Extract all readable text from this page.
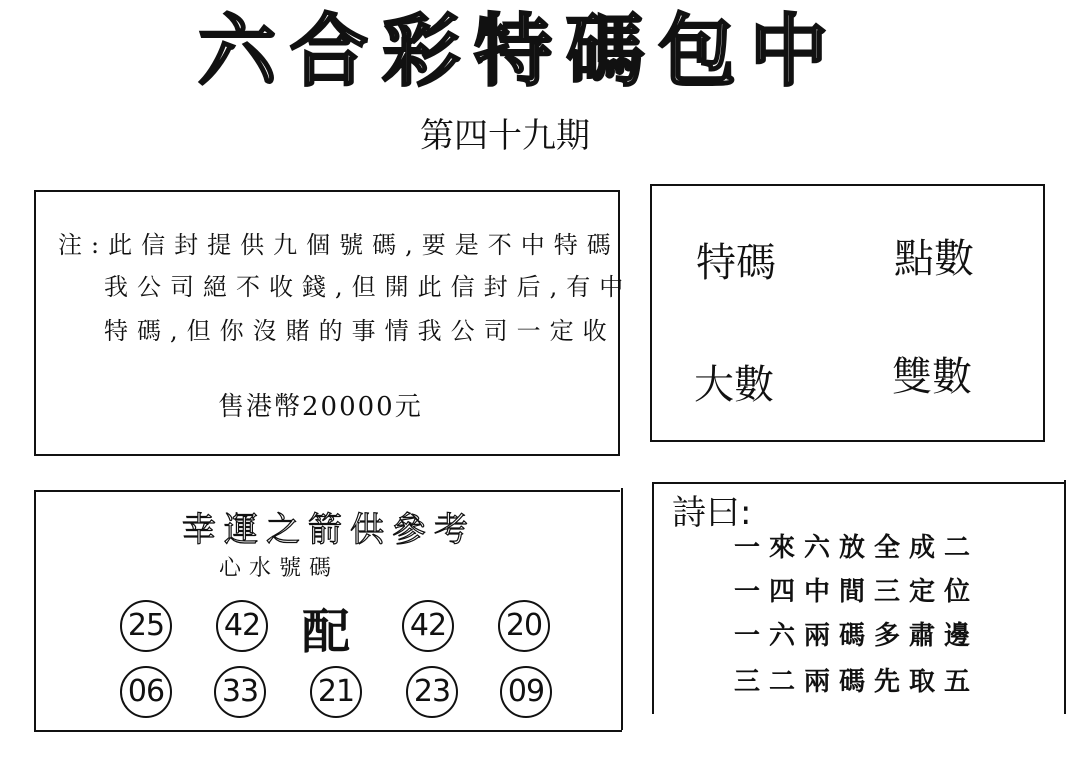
六合彩特碼包中
第四十九期
注:此信封提供九個號碼,要是不中特碼
我公司絕不收錢,但開此信封后,有中
特碼,但你沒賭的事情我公司一定收
售港幣20000元
特碼	點數
大數	雙數
幸運之箭供參考
心水號碼
25 42 配 42 20
06 33 21 23 09
詩曰:
一來六放全成二
一四中間三定位
一六兩碼多肅邊
三二兩碼先取五
